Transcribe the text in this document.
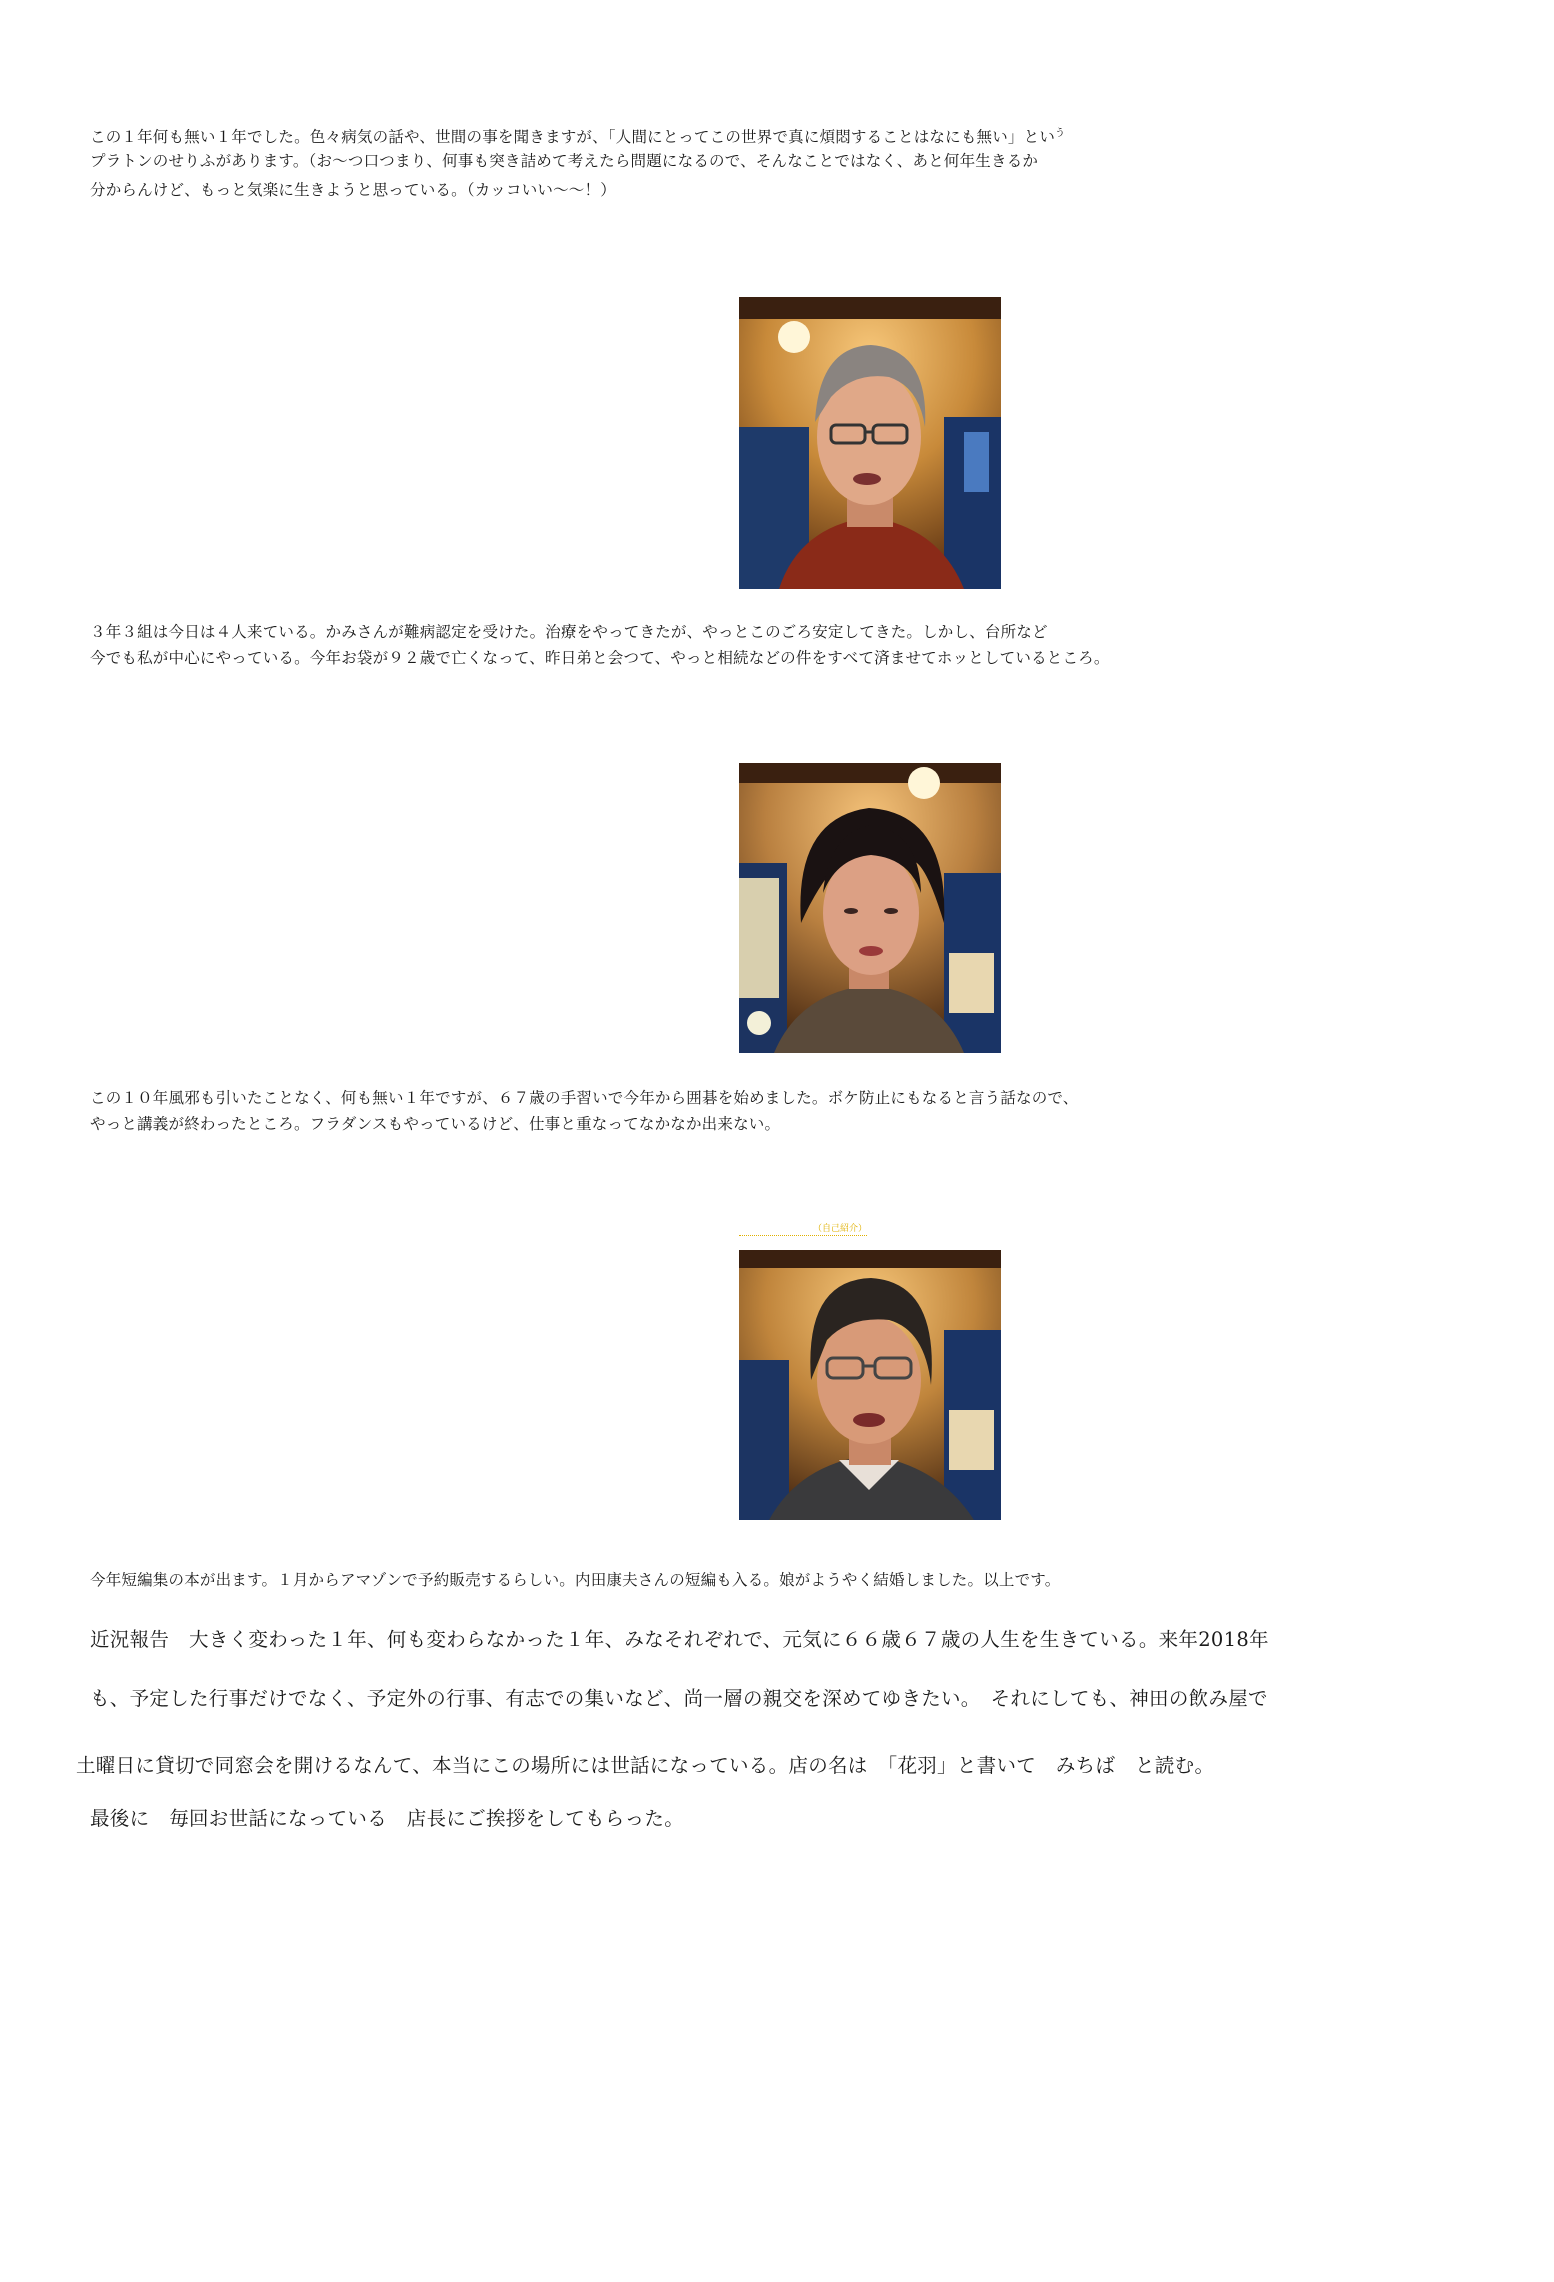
この１年何も無い１年でした。色々病気の話や、世間の事を聞きますが、「人間にとってこの世界で真に煩悶することはなにも無い」とい$^う$
プラトンのせりふがあります。（お〜つ口つまり、何事も突き詰めて考えたら問題になるので、そんなことではなく、あと何年生きるか
分からんけど、もっと気楽に生きようと思っている。（カッコいい〜〜！）
３年３組は今日は４人来ている。かみさんが難病認定を受けた。治療をやってきたが、やっとこのごろ安定してきた。しかし、台所など
今でも私が中心にやっている。今年お袋が９２歳で亡くなって、昨日弟と会つて、やっと相続などの件をすべて済ませてホッとしているところ。
この１０年風邪も引いたことなく、何も無い１年ですが、６７歳の手習いで今年から囲碁を始めました。ボケ防止にもなると言う話なので、
やっと講義が終わったところ。フラダンスもやっているけど、仕事と重なってなかなか出来ない。
（自己紹介）
今年短編集の本が出ます。１月からアマゾンで予約販売するらしい。内田康夫さんの短編も入る。娘がようやく結婚しました。以上です。
近況報告　大きく変わった１年、何も変わらなかった１年、みなそれぞれで、元気に６６歳６７歳の人生を生きている。来年2018年
も、予定した行事だけでなく、予定外の行事、有志での集いなど、尚一層の親交を深めてゆきたい。　それにしても、神田の飲み屋で
土曜日に貸切で同窓会を開けるなんて、本当にこの場所には世話になっている。店の名は　「花羽」と書いて　みちば　と読む。
最後に　毎回お世話になっている　店長にご挨拶をしてもらった。
